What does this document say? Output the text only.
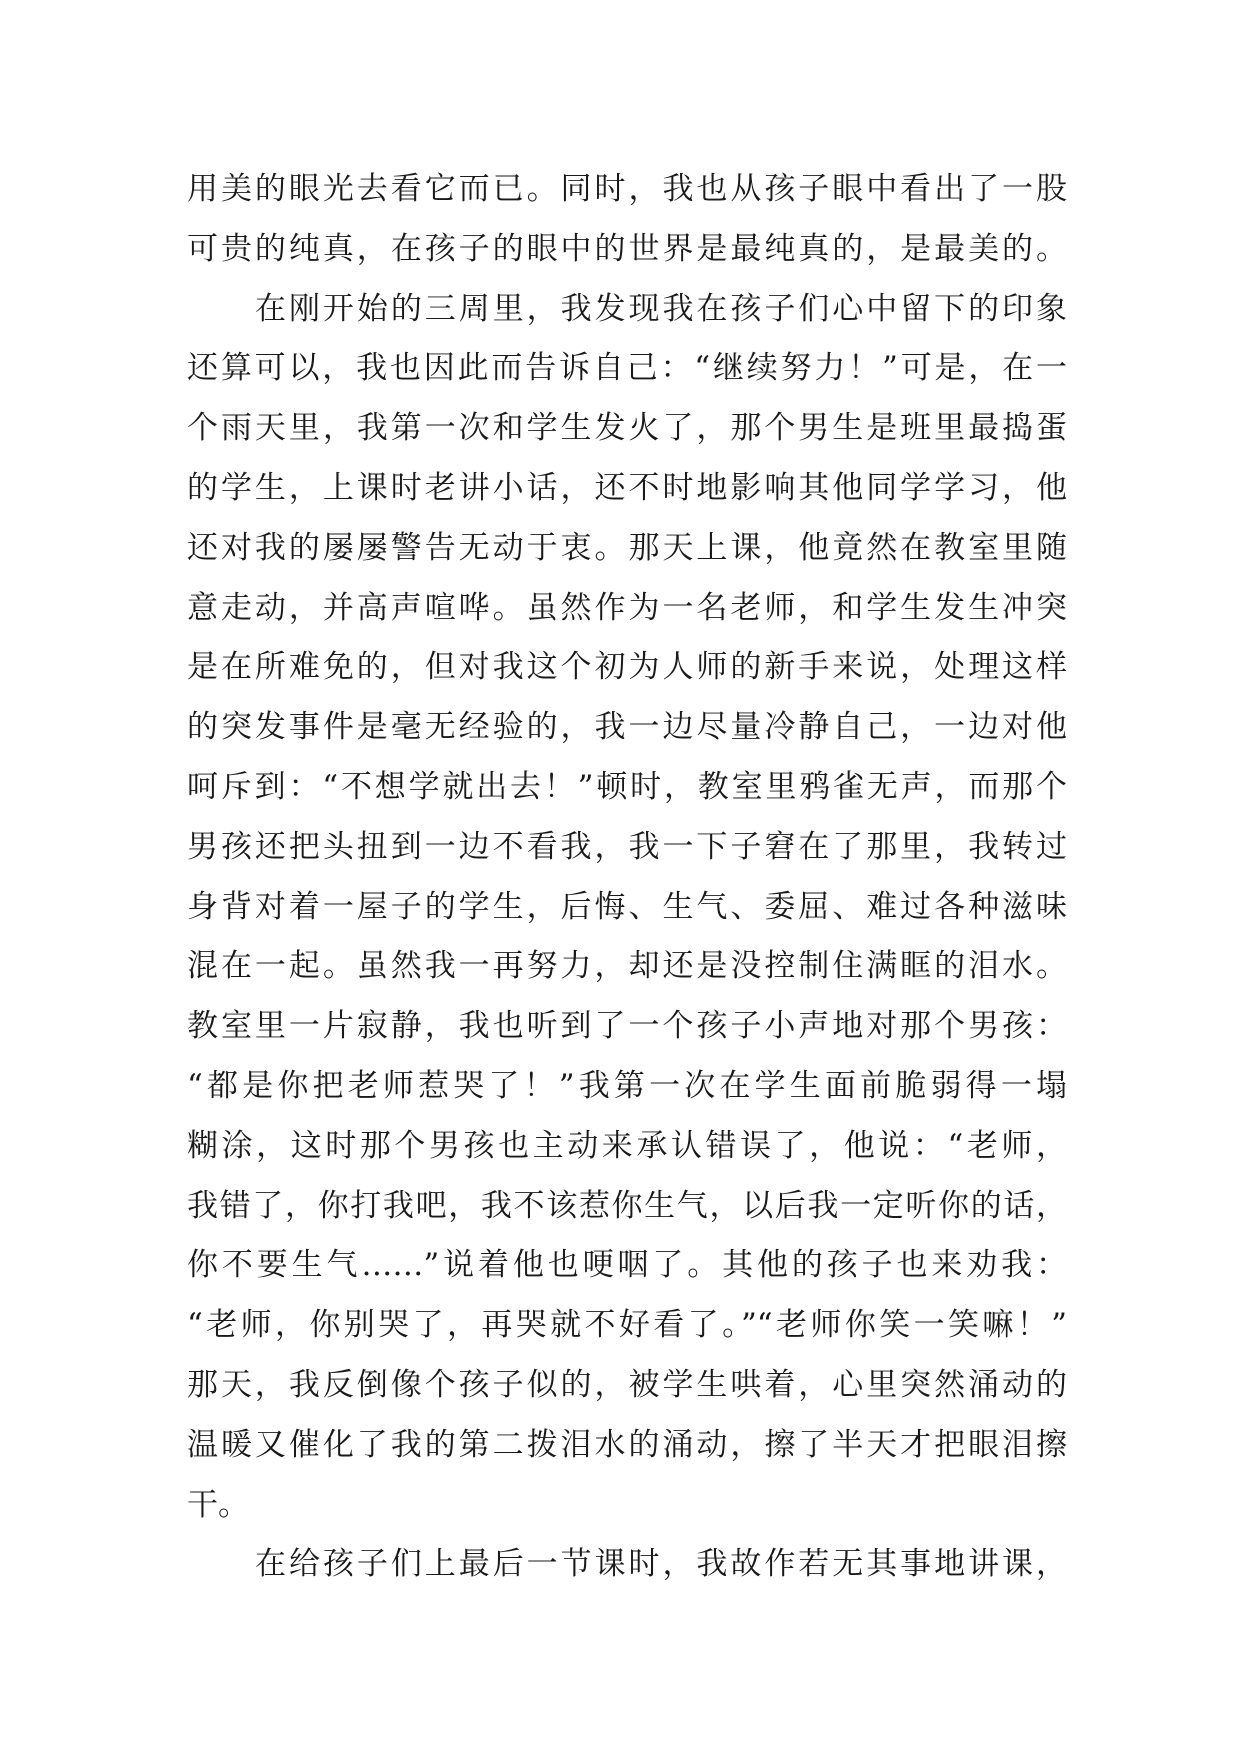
用美的眼光去看它而已。同时，我也从孩子眼中看出了一股
可贵的纯真，在孩子的眼中的世界是最纯真的，是最美的。
在刚开始的三周里，我发现我在孩子们心中留下的印象
还算可以，我也因此而告诉自己：“继续努力！”可是，在一
个雨天里，我第一次和学生发火了，那个男生是班里最捣蛋
的学生，上课时老讲小话，还不时地影响其他同学学习，他
还对我的屡屡警告无动于衷。那天上课，他竟然在教室里随
意走动，并高声喧哗。虽然作为一名老师，和学生发生冲突
是在所难免的，但对我这个初为人师的新手来说，处理这样
的突发事件是毫无经验的，我一边尽量冷静自己，一边对他
呵斥到：“不想学就出去！”顿时，教室里鸦雀无声，而那个
男孩还把头扭到一边不看我，我一下子窘在了那里，我转过
身背对着一屋子的学生，后悔、生气、委屈、难过各种滋味
混在一起。虽然我一再努力，却还是没控制住满眶的泪水。
教室里一片寂静，我也听到了一个孩子小声地对那个男孩：
“都是你把老师惹哭了！”我第一次在学生面前脆弱得一塌
糊涂，这时那个男孩也主动来承认错误了，他说：“老师，
我错了，你打我吧，我不该惹你生气，以后我一定听你的话，
你不要生气……”说着他也哽咽了。其他的孩子也来劝我：
“老师，你别哭了，再哭就不好看了。”“老师你笑一笑嘛！”
那天，我反倒像个孩子似的，被学生哄着，心里突然涌动的
温暖又催化了我的第二拨泪水的涌动，擦了半天才把眼泪擦
干。
在给孩子们上最后一节课时，我故作若无其事地讲课，
